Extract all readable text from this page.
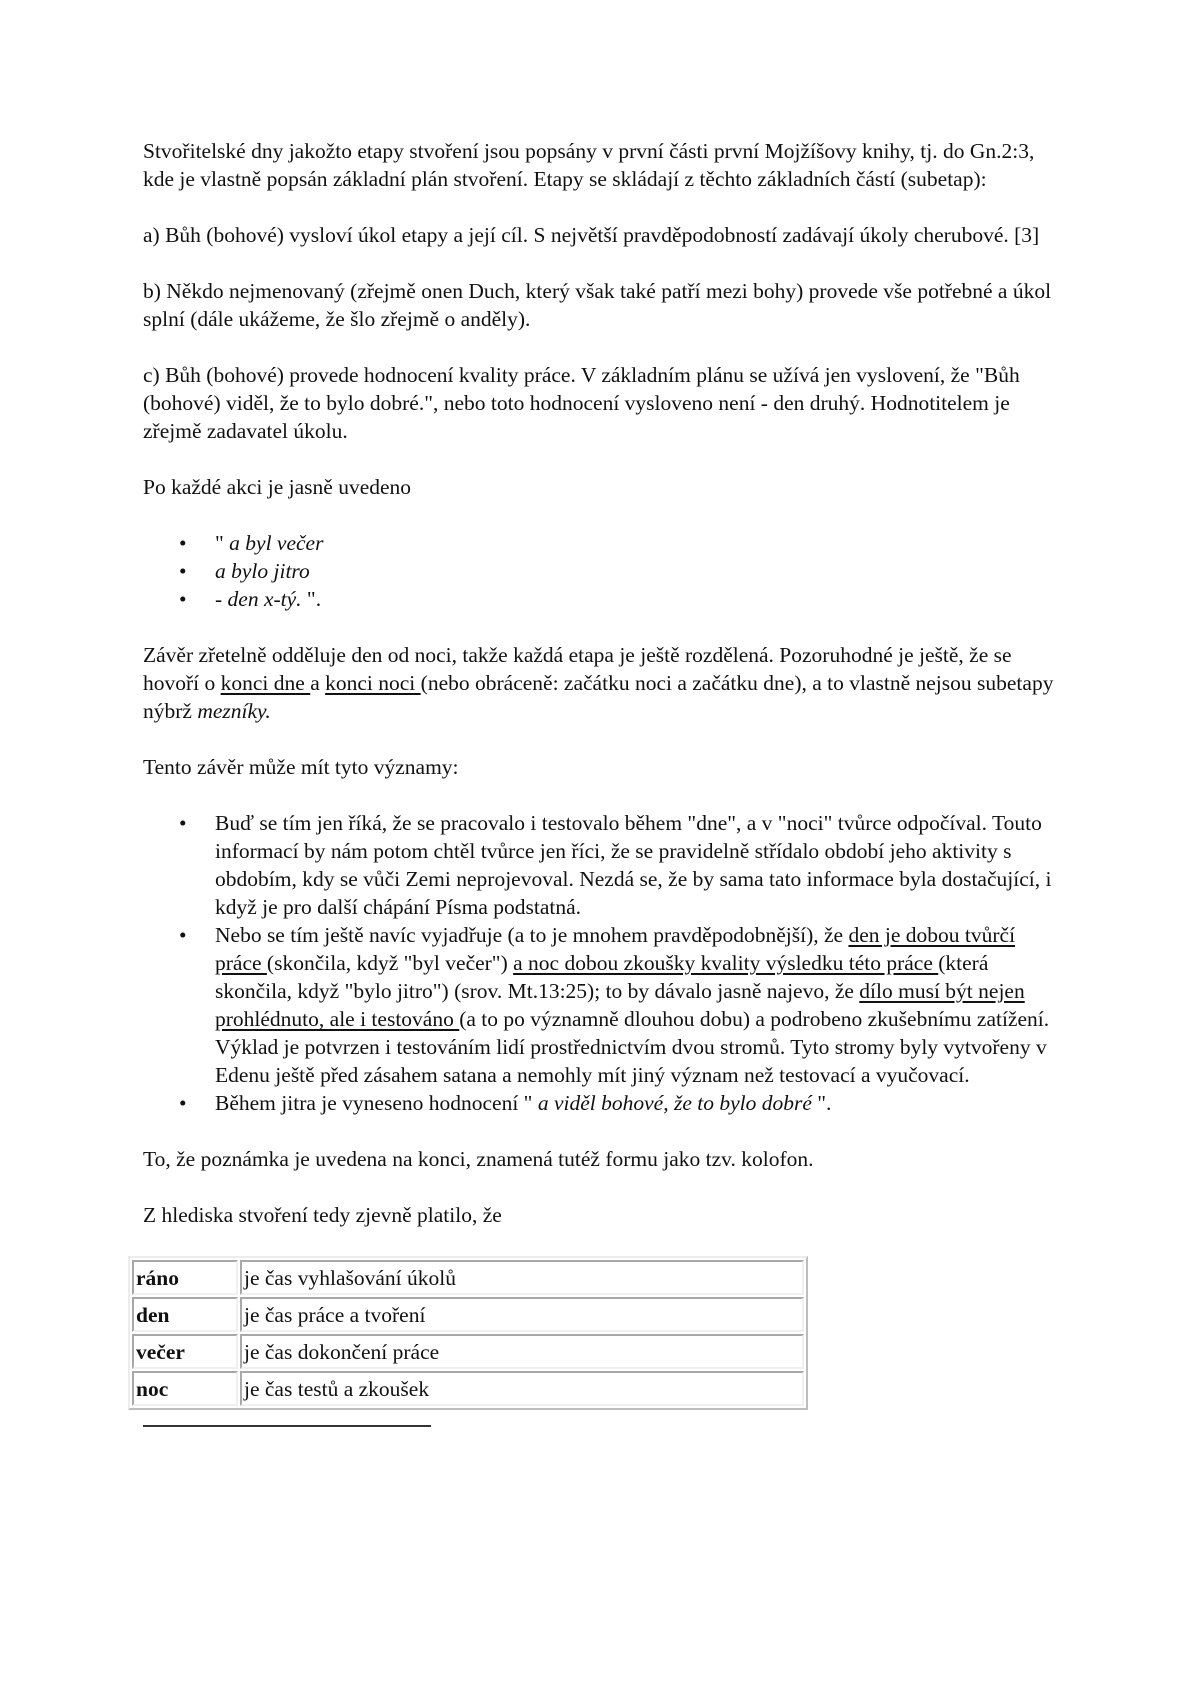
Stvořitelské dny jakožto etapy stvoření jsou popsány v první části první Mojžíšovy knihy, tj. do Gn.2:3, kde je vlastně popsán základní plán stvoření. Etapy se skládají z těchto základních částí (subetap):

a) Bůh (bohové) vysloví úkol etapy a její cíl. S největší pravděpodobností zadávají úkoly cherubové. [3]

b) Někdo nejmenovaný (zřejmě onen Duch, který však také patří mezi bohy) provede vše potřebné a úkol splní (dále ukážeme, že šlo zřejmě o anděly).

c) Bůh (bohové) provede hodnocení kvality práce. V základním plánu se užívá jen vyslovení, že "Bůh (bohové) viděl, že to bylo dobré.", nebo toto hodnocení vysloveno není - den druhý. Hodnotitelem je zřejmě zadavatel úkolu.

Po každé akci je jasně uvedeno

• " a byl večer
• a bylo jitro
• - den x-tý. ".

Závěr zřetelně odděluje den od noci, takže každá etapa je ještě rozdělená. Pozoruhodné je ještě, že se hovoří o konci dne a konci noci (nebo obráceně: začátku noci a začátku dne), a to vlastně nejsou subetapy nýbrž mezníky.

Tento závěr může mít tyto významy:

• Buď se tím jen říká, že se pracovalo i testovalo během "dne", a v "noci" tvůrce odpočíval. Touto informací by nám potom chtěl tvůrce jen říci, že se pravidelně střídalo období jeho aktivity s obdobím, kdy se vůči Zemi neprojevoval. Nezdá se, že by sama tato informace byla dostačující, i když je pro další chápání Písma podstatná.
• Nebo se tím ještě navíc vyjadřuje (a to je mnohem pravděpodobnější), že den je dobou tvůrčí práce (skončila, když "byl večer") a noc dobou zkoušky kvality výsledku této práce (která skončila, když "bylo jitro") (srov. Mt.13:25); to by dávalo jasně najevo, že dílo musí být nejen prohlédnuto, ale i testováno (a to po významně dlouhou dobu) a podrobeno zkušebnímu zatížení. Výklad je potvrzen i testováním lidí prostřednictvím dvou stromů. Tyto stromy byly vytvořeny v Edenu ještě před zásahem satana a nemohly mít jiný význam než testovací a vyučovací.
• Během jitra je vyneseno hodnocení " a viděl bohové, že to bylo dobré ".

To, že poznámka je uvedena na konci, znamená tutéž formu jako tzv. kolofon.

Z hlediska stvoření tedy zjevně platilo, že

ráno	je čas vyhlašování úkolů
den	je čas práce a tvoření
večer	je čas dokončení práce
noc	je čas testů a zkoušek
